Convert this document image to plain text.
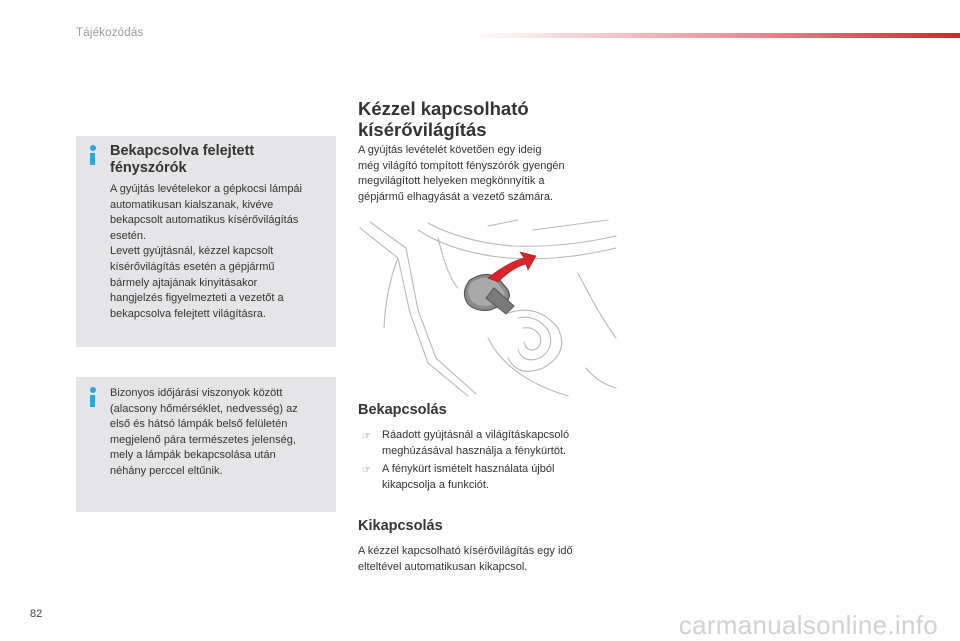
Tájékozódás
Bekapcsolva felejtett fényszórók

A gyújtás levételekor a gépkocsi lámpái
automatikusan kialszanak, kivéve
bekapcsolt automatikus kísérővilágítás
esetén.
Levett gyújtásnál, kézzel kapcsolt
kísérővilágítás esetén a gépjármű
bármely ajtajának kinyitásakor
hangjelzés figyelmezteti a vezetőt a
bekapcsolva felejtett világításra.

Bizonyos időjárási viszonyok között
(alacsony hőmérséklet, nedvesség) az
első és hátsó lámpák belső felületén
megjelenő pára természetes jelenség,
mely a lámpák bekapcsolása után
néhány perccel eltűnik.

Kézzel kapcsolható
kísérővilágítás

A gyújtás levételét követően egy ideig
még világító tompított fényszórók gyengén
megvilágított helyeken megkönnyítik a
gépjármű elhagyását a vezető számára.

Bekapcsolás
☞ Ráadott gyújtásnál a világításkapcsoló
meghúzásával használja a fénykürtöt.
☞ A fénykürt ismételt használata újból
kikapcsolja a funkciót.
Kikapcsolás

A kézzel kapcsolható kísérővilágítás egy idő
elteltével automatikusan kikapcsol.

82	carmanualsonline.info
